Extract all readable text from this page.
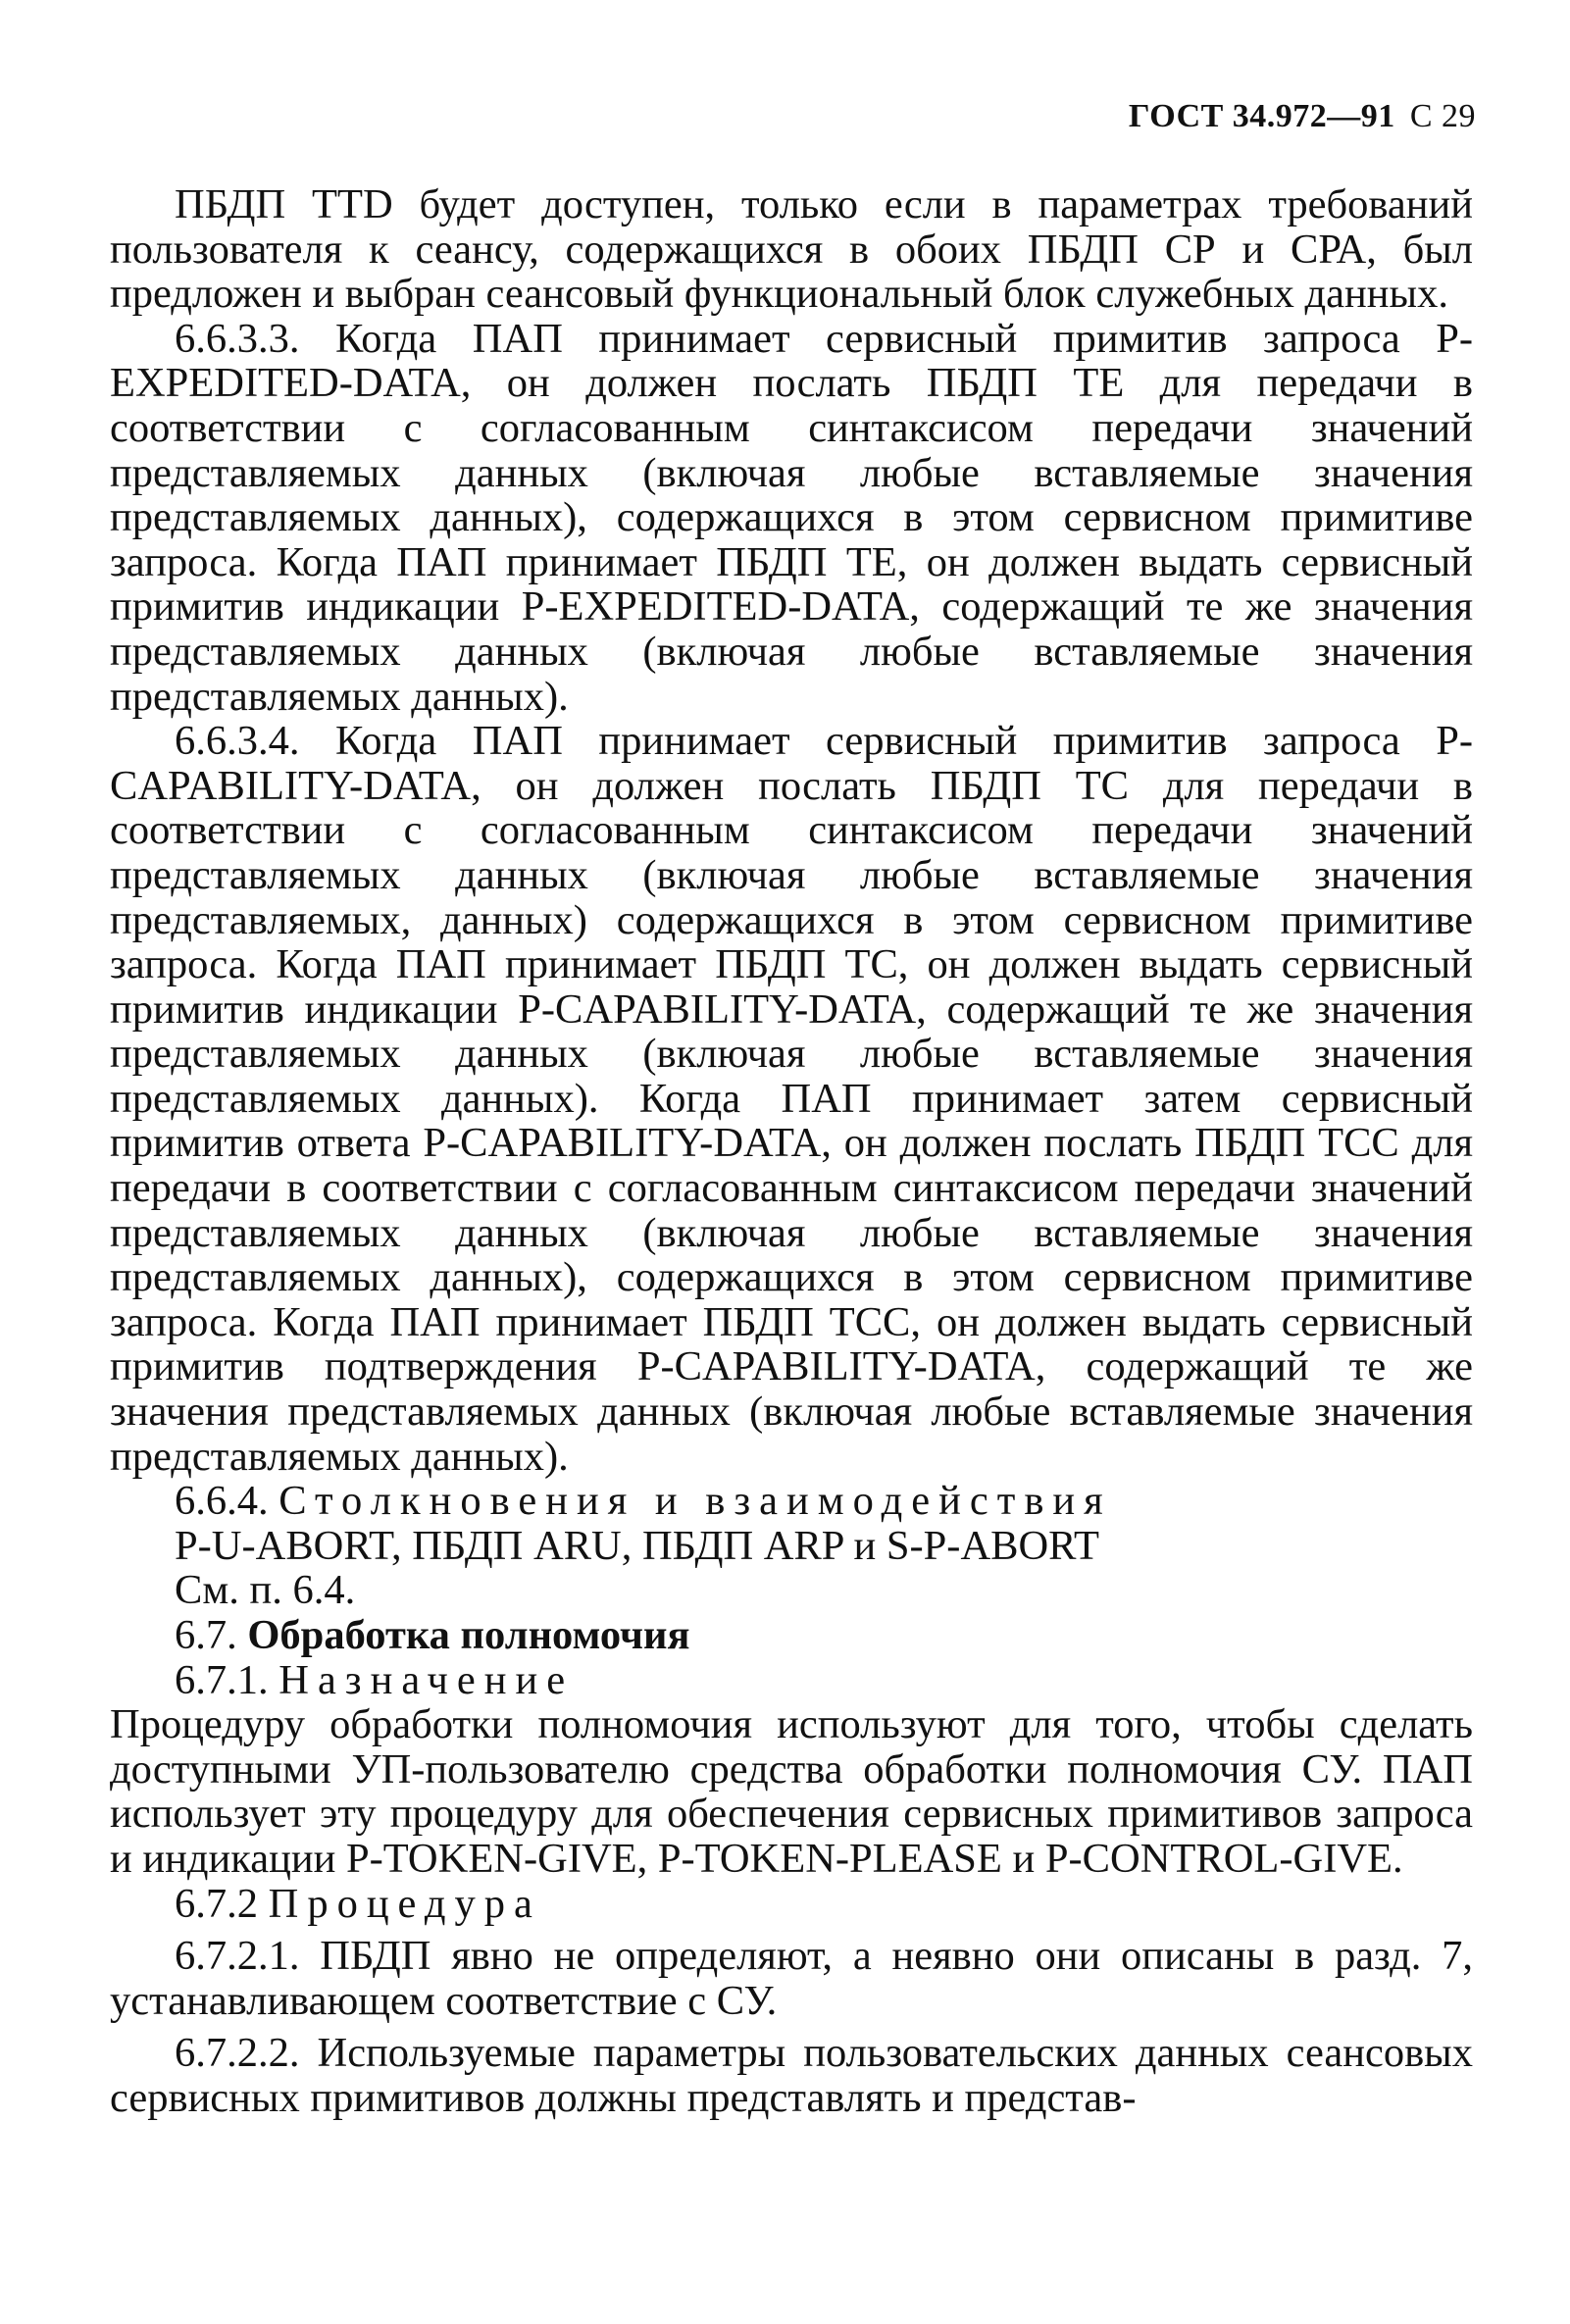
ГОСТ 34.972—91 С 29

ПБДП TTD будет доступен, только если в параметрах требований пользователя к сеансу, содержащихся в обоих ПБДП СР и СРА, был предложен и выбран сеансовый функциональный блок служебных данных.

6.6.3.3. Когда ПАП принимает сервисный примитив запроса P-EXPEDITED-DATA, он должен послать ПБДП ТЕ для передачи в соответствии с согласованным синтаксисом передачи значений представляемых данных (включая любые вставляемые значения представляемых данных), содержащихся в этом сервисном примитиве запроса. Когда ПАП принимает ПБДП ТЕ, он должен выдать сервисный примитив индикации P-EXPEDITED-DATA, содержащий те же значения представляемых данных (включая любые вставляемые значения представляемых данных).

6.6.3.4. Когда ПАП принимает сервисный примитив запроса P-CAPABILITY-DATA, он должен послать ПБДП ТС для передачи в соответствии с согласованным синтаксисом передачи значений представляемых данных (включая любые вставляемые значения представляемых, данных) содержащихся в этом сервисном примитиве запроса. Когда ПАП принимает ПБДП ТС, он должен выдать сервисный примитив индикации P-CAPABILITY-DATA, содержащий те же значения представляемых данных (включая любые вставляемые значения представляемых данных). Когда ПАП принимает затем сервисный примитив ответа P-CAPABILITY-DATA, он должен послать ПБДП ТСС для передачи в соответствии с согласованным синтаксисом передачи значений представляемых данных (включая любые вставляемые значения представляемых данных), содержащихся в этом сервисном примитиве запроса. Когда ПАП принимает ПБДП ТСС, он должен выдать сервисный примитив подтверждения P-CAPABILITY-DATA, содержащий те же значения представляемых данных (включая любые вставляемые значения представляемых данных).

6.6.4. Столкновения и взаимодействия

P-U-ABORT, ПБДП ARU, ПБДП ARP и S-P-ABORT

См. п. 6.4.

6.7. Обработка полномочия

6.7.1. Назначение

Процедуру обработки полномочия используют для того, чтобы сделать доступными УП-пользователю средства обработки полномочия СУ. ПАП использует эту процедуру для обеспечения сервисных примитивов запроса и индикации P-TOKEN-GIVE, P-TOKEN-PLEASE и P-CONTROL-GIVE.

6.7.2 Процедура

6.7.2.1. ПБДП явно не определяют, а неявно они описаны в разд. 7, устанавливающем соответствие с СУ.

6.7.2.2. Используемые параметры пользовательских данных сеансовых сервисных примитивов должны представлять и представ-
